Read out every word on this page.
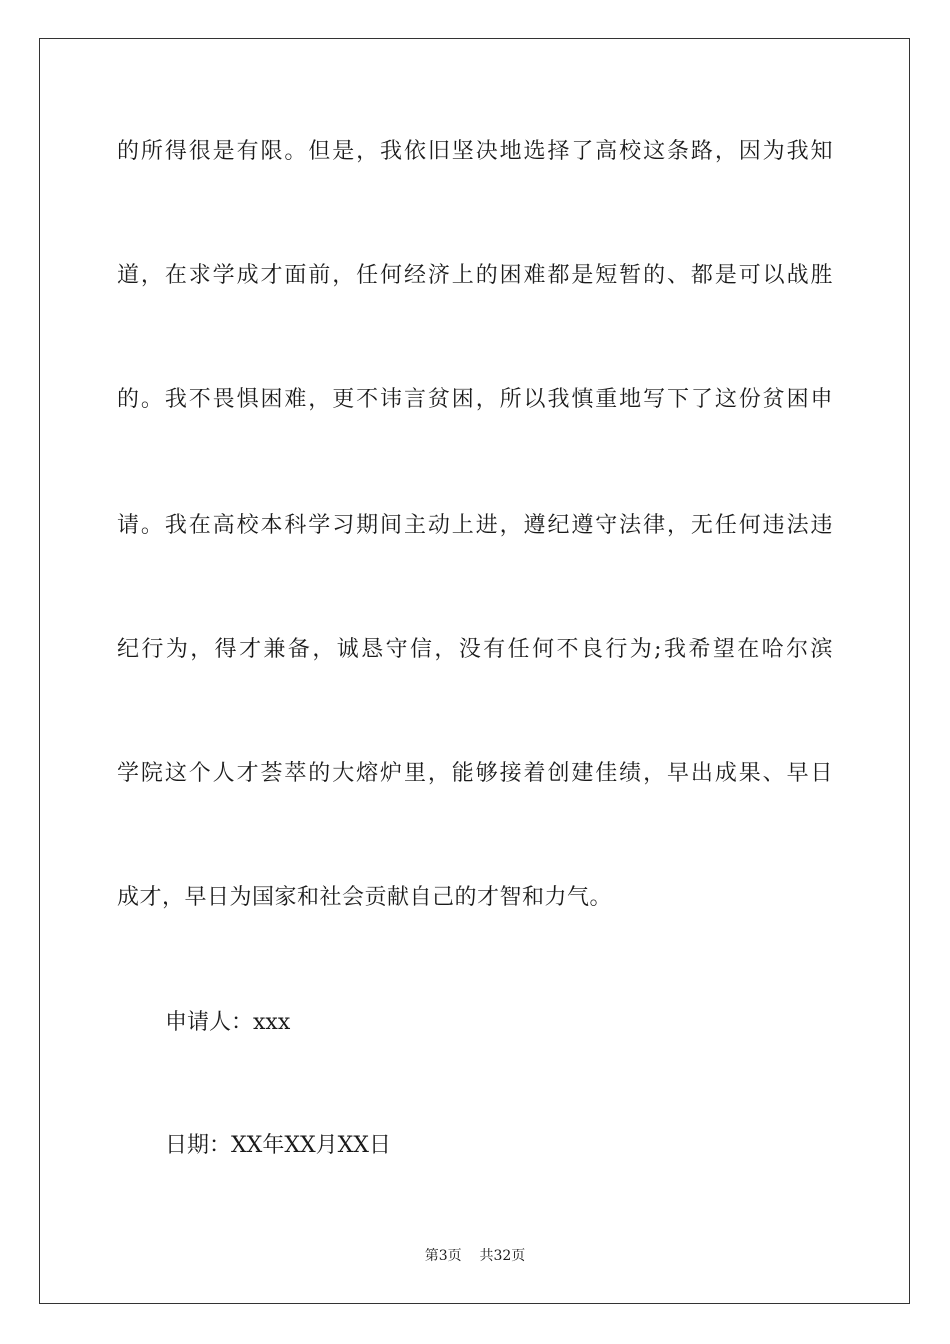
的所得很是有限。但是，我依旧坚决地选择了高校这条路，因为我知
道，在求学成才面前，任何经济上的困难都是短暂的、都是可以战胜
的。我不畏惧困难，更不讳言贫困，所以我慎重地写下了这份贫困申
请。我在高校本科学习期间主动上进，遵纪遵守法律，无任何违法违
纪行为，得才兼备，诚恳守信，没有任何不良行为;我希望在哈尔滨
学院这个人才荟萃的大熔炉里，能够接着创建佳绩，早出成果、早日
成才，早日为国家和社会贡献自己的才智和力气。
申请人：xxx
日期：XX年XX月XX日
第3页    共32页
